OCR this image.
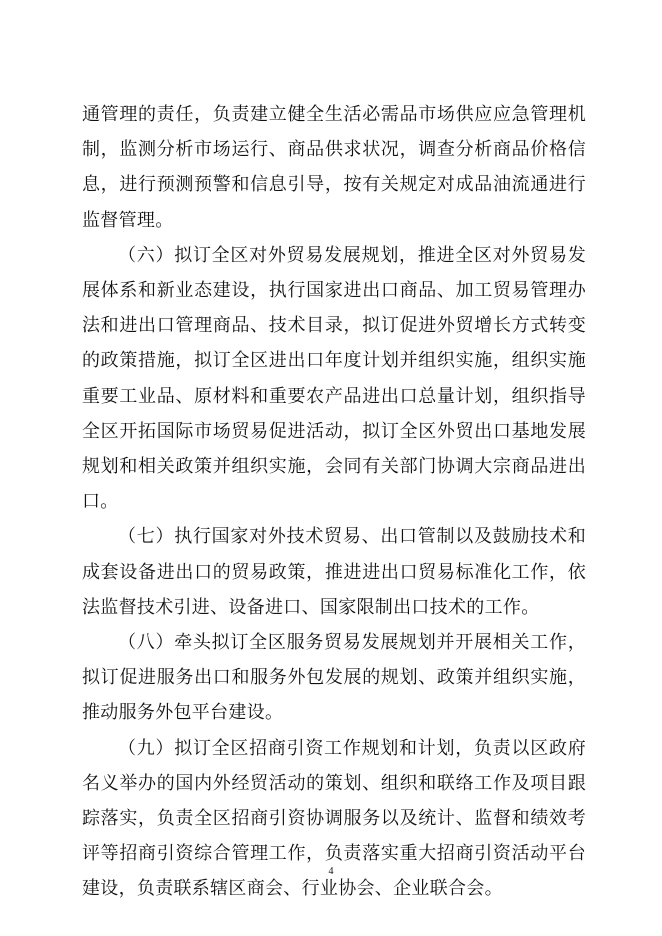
通管理的责任，负责建立健全生活必需品市场供应应急管理机制，监测分析市场运行、商品供求状况，调查分析商品价格信息，进行预测预警和信息引导，按有关规定对成品油流通进行监督管理。

（六）拟订全区对外贸易发展规划，推进全区对外贸易发展体系和新业态建设，执行国家进出口商品、加工贸易管理办法和进出口管理商品、技术目录，拟订促进外贸增长方式转变的政策措施，拟订全区进出口年度计划并组织实施，组织实施重要工业品、原材料和重要农产品进出口总量计划，组织指导全区开拓国际市场贸易促进活动，拟订全区外贸出口基地发展规划和相关政策并组织实施，会同有关部门协调大宗商品进出口。

（七）执行国家对外技术贸易、出口管制以及鼓励技术和成套设备进出口的贸易政策，推进进出口贸易标准化工作，依法监督技术引进、设备进口、国家限制出口技术的工作。

（八）牵头拟订全区服务贸易发展规划并开展相关工作，拟订促进服务出口和服务外包发展的规划、政策并组织实施，推动服务外包平台建设。

（九）拟订全区招商引资工作规划和计划，负责以区政府名义举办的国内外经贸活动的策划、组织和联络工作及项目跟踪落实，负责全区招商引资协调服务以及统计、监督和绩效考评等招商引资综合管理工作，负责落实重大招商引资活动平台建设，负责联系辖区商会、行业协会、企业联合会。

4
